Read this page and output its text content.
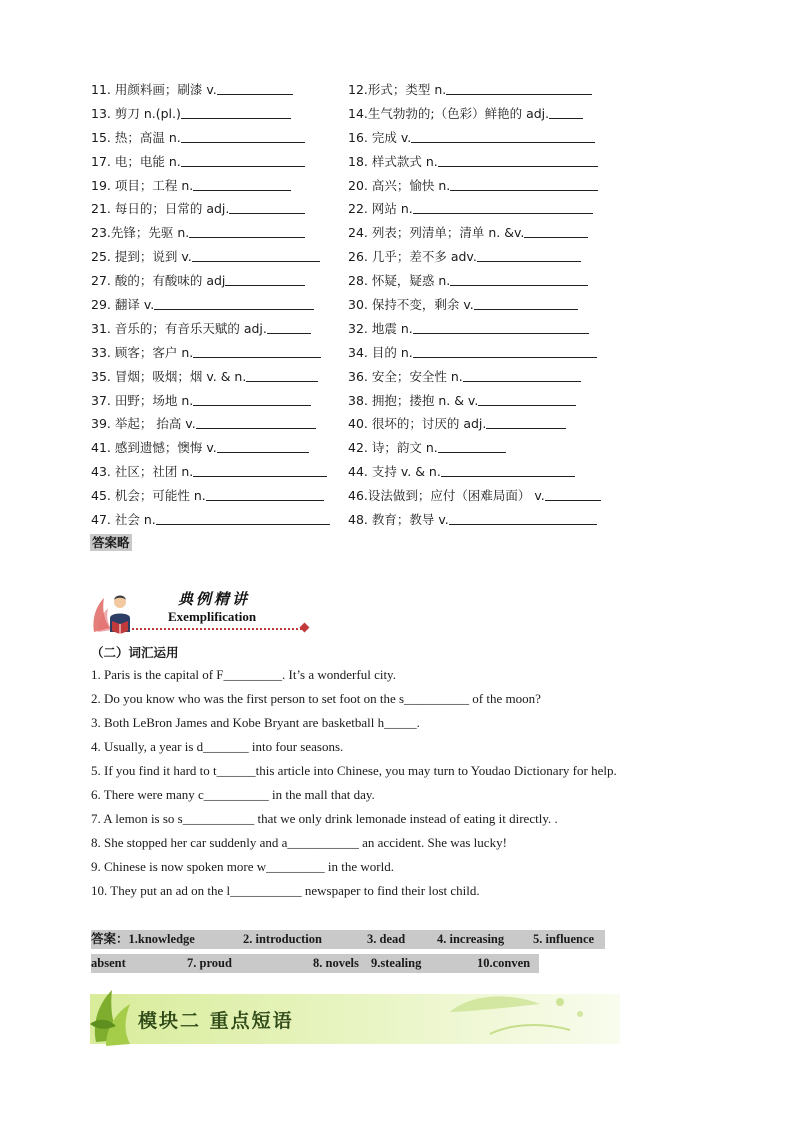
11. 用颜料画；刷漆 v.	12.形式；类型 n.
13. 剪刀 n.(pl.)	14.生气勃勃的;（色彩）鲜艳的 adj.
15. 热；高温 n.	16. 完成 v.
17. 电；电能 n.	18. 样式款式 n.
19. 项目；工程 n.	20. 高兴；愉快 n.
21. 每日的；日常的 adj.	22. 网站 n.
23.先锋；先驱 n.	24. 列表；列清单；清单 n. &v.
25. 提到；说到 v.	26. 几乎；差不多 adv.
27. 酸的；有酸味的 adj	28. 怀疑，疑惑 n.
29. 翻译 v.	30. 保持不变，剩余 v.
31. 音乐的；有音乐天赋的 adj.	32. 地震 n.
33. 顾客；客户 n.	34. 目的 n.
35. 冒烟；吸烟；烟 v. & n.	36. 安全；安全性 n.
37. 田野；场地 n.	38. 拥抱；搂抱 n. & v.
39. 举起； 抬高 v.	40. 很坏的；讨厌的 adj.
41. 感到遗憾；懊悔 v.	42. 诗；韵文 n.
43. 社区；社团 n.	44. 支持 v. & n.
45. 机会；可能性 n.	46.设法做到；应付（困难局面） v.
47. 社会 n.	48. 教育；教导 v.
答案略
典例精讲
Exemplification
（二）词汇运用
1. Paris is the capital of F_________. It’s a wonderful city.
2. Do you know who was the first person to set foot on the s__________ of the moon?
3. Both LeBron James and Kobe Bryant are basketball h_____.
4. Usually, a year is d_______ into four seasons.
5. If you find it hard to t______this article into Chinese, you may turn to Youdao Dictionary for help.
6. There were many c__________ in the mall that day.
7. A lemon is so s___________ that we only drink lemonade instead of eating it directly. .
8. She stopped her car suddenly and a___________ an accident. She was lucky!
9. Chinese is now spoken more w_________ in the world.
10. They put an ad on the l___________ newspaper to find their lost child.
答案：1.knowledge	2. introduction	3. dead	4. increasing 5. influence
absent	7. proud	8. novels 9.stealing	10.conven
模块二 重点短语
